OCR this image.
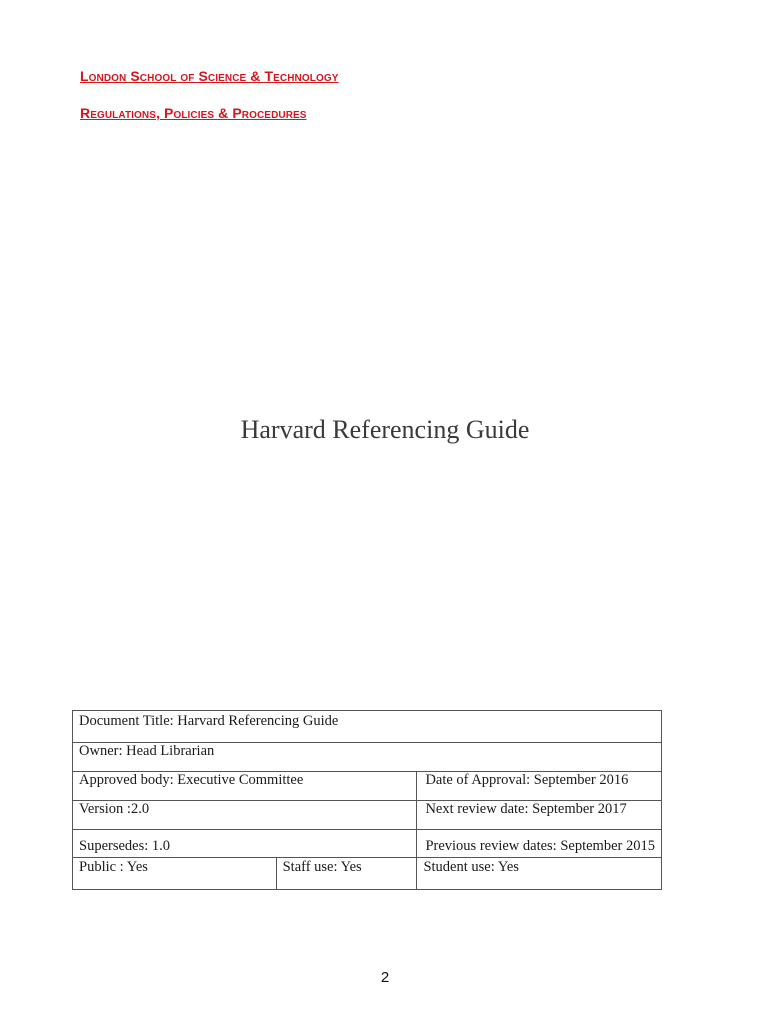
London School of Science & Technology
Regulations, Policies & Procedures
Harvard Referencing Guide
Document Title: Harvard Referencing Guide		
Owner: Head Librarian		
Approved body: Executive Committee		Date of Approval: September 2016
Version :2.0		Next review date: September 2017
Supersedes: 1.0		Previous review dates: September 2015
Public : Yes	Staff use: Yes	Student use: Yes
2
